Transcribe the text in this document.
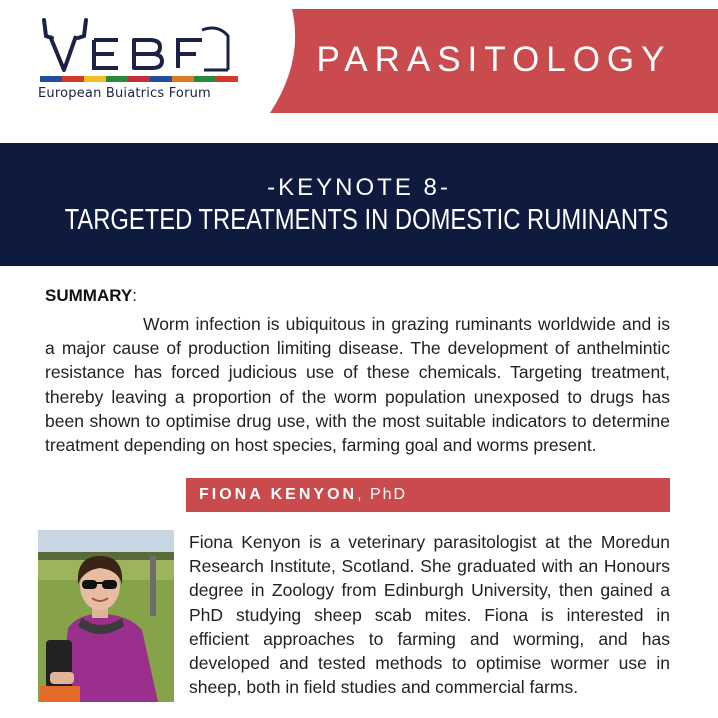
European Buiatrics Forum
PARASITOLOGY
-KEYNOTE 8-
TARGETED TREATMENTS IN DOMESTIC RUMINANTS
SUMMARY:

Worm infection is ubiquitous in grazing ruminants worldwide and is a major cause of production limiting disease. The development of anthelmintic resistance has forced judicious use of these chemicals. Targeting treatment, thereby leaving a proportion of the worm population unexposed to drugs has been shown to optimise drug use, with the most suitable indicators to determine treatment depending on host species, farming goal and worms present.

FIONA KENYON, PhD

Fiona Kenyon is a veterinary parasitologist at the Moredun Research Institute, Scotland. She graduated with an Honours degree in Zoology from Edinburgh University, then gained a PhD studying sheep scab mites. Fiona is interested in efficient approaches to farming and worming, and has developed and tested methods to optimise wormer use in sheep, both in field studies and commercial farms.
